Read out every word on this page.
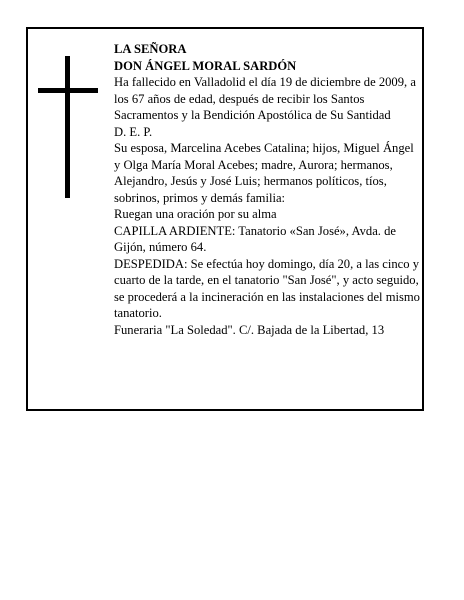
LA SEÑORA

DON ÁNGEL MORAL SARDÓN

Ha fallecido en Valladolid el día 19 de diciembre de 2009, a los 67 años de edad, después de recibir los Santos Sacramentos y la Bendición Apostólica de Su Santidad

D. E. P.

Su esposa, Marcelina Acebes Catalina; hijos, Miguel Ángel y Olga María Moral Acebes; madre, Aurora; hermanos, Alejandro, Jesús y José Luis; hermanos políticos, tíos, sobrinos, primos y demás familia:

Ruegan una oración por su alma

CAPILLA ARDIENTE: Tanatorio «San José», Avda. de Gijón, número 64.

DESPEDIDA: Se efectúa hoy domingo, día 20, a las cinco y cuarto de la tarde, en el tanatorio "San José", y acto seguido, se procederá a la incineración en las instalaciones del mismo tanatorio.

Funeraria "La Soledad". C/. Bajada de la Libertad, 13
